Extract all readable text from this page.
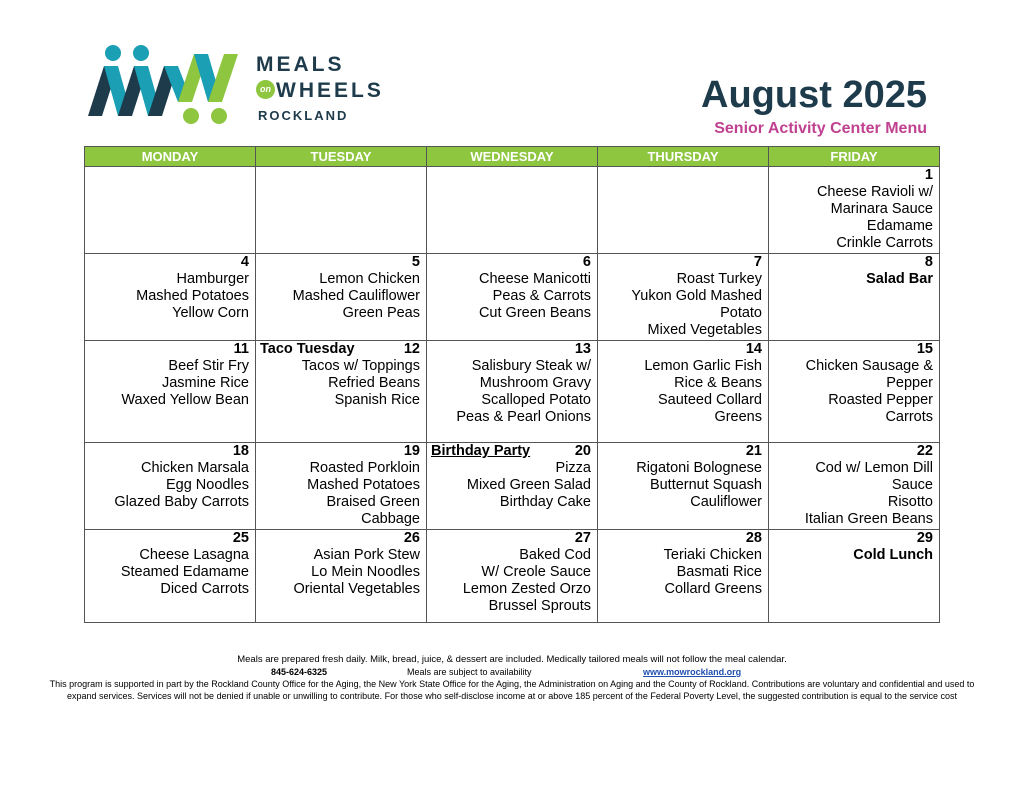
MEALS
on WHEELS
ROCKLAND	August 2025
Senior Activity Center Menu
MONDAY	TUESDAY	WEDNESDAY	THURSDAY	FRIDAY

				1
Cheese Ravioli w/
Marinara Sauce
Edamame
Crinkle Carrots

4
Hamburger
Mashed Potatoes
Yellow Corn	5
Lemon Chicken
Mashed Cauliflower
Green Peas	6
Cheese Manicotti
Peas & Carrots
Cut Green Beans	7
Roast Turkey
Yukon Gold Mashed
Potato
Mixed Vegetables	8
Salad Bar

11
Beef Stir Fry
Jasmine Rice
Waxed Yellow Bean	Taco Tuesday 12
Tacos w/ Toppings
Refried Beans
Spanish Rice	13
Salisbury Steak w/
Mushroom Gravy
Scalloped Potato
Peas & Pearl Onions	14
Lemon Garlic Fish
Rice & Beans
Sauteed Collard
Greens	15
Chicken Sausage &
Pepper
Roasted Pepper
Carrots

18
Chicken Marsala
Egg Noodles
Glazed Baby Carrots	19
Roasted Porkloin
Mashed Potatoes
Braised Green
Cabbage	Birthday Party 20
Pizza
Mixed Green Salad
Birthday Cake	21
Rigatoni Bolognese
Butternut Squash
Cauliflower	22
Cod w/ Lemon Dill
Sauce
Risotto
Italian Green Beans

25
Cheese Lasagna
Steamed Edamame
Diced Carrots	26
Asian Pork Stew
Lo Mein Noodles
Oriental Vegetables	27
Baked Cod
W/ Creole Sauce
Lemon Zested Orzo
Brussel Sprouts	28
Teriaki Chicken
Basmati Rice
Collard Greens	29
Cold Lunch
Meals are prepared fresh daily. Milk, bread, juice, & dessert are included. Medically tailored meals will not follow the meal calendar.
845-624-6325	Meals are subject to availability	www.mowrockland.org
This program is supported in part by the Rockland County Office for the Aging, the New York State Office for the Aging, the Administration on Aging and the County of Rockland. Contributions are voluntary and confidential and used to expand services. Services will not be denied if unable or unwilling to contribute. For those who self-disclose income at or above 185 percent of the Federal Poverty Level, the suggested contribution is equal to the service cost
